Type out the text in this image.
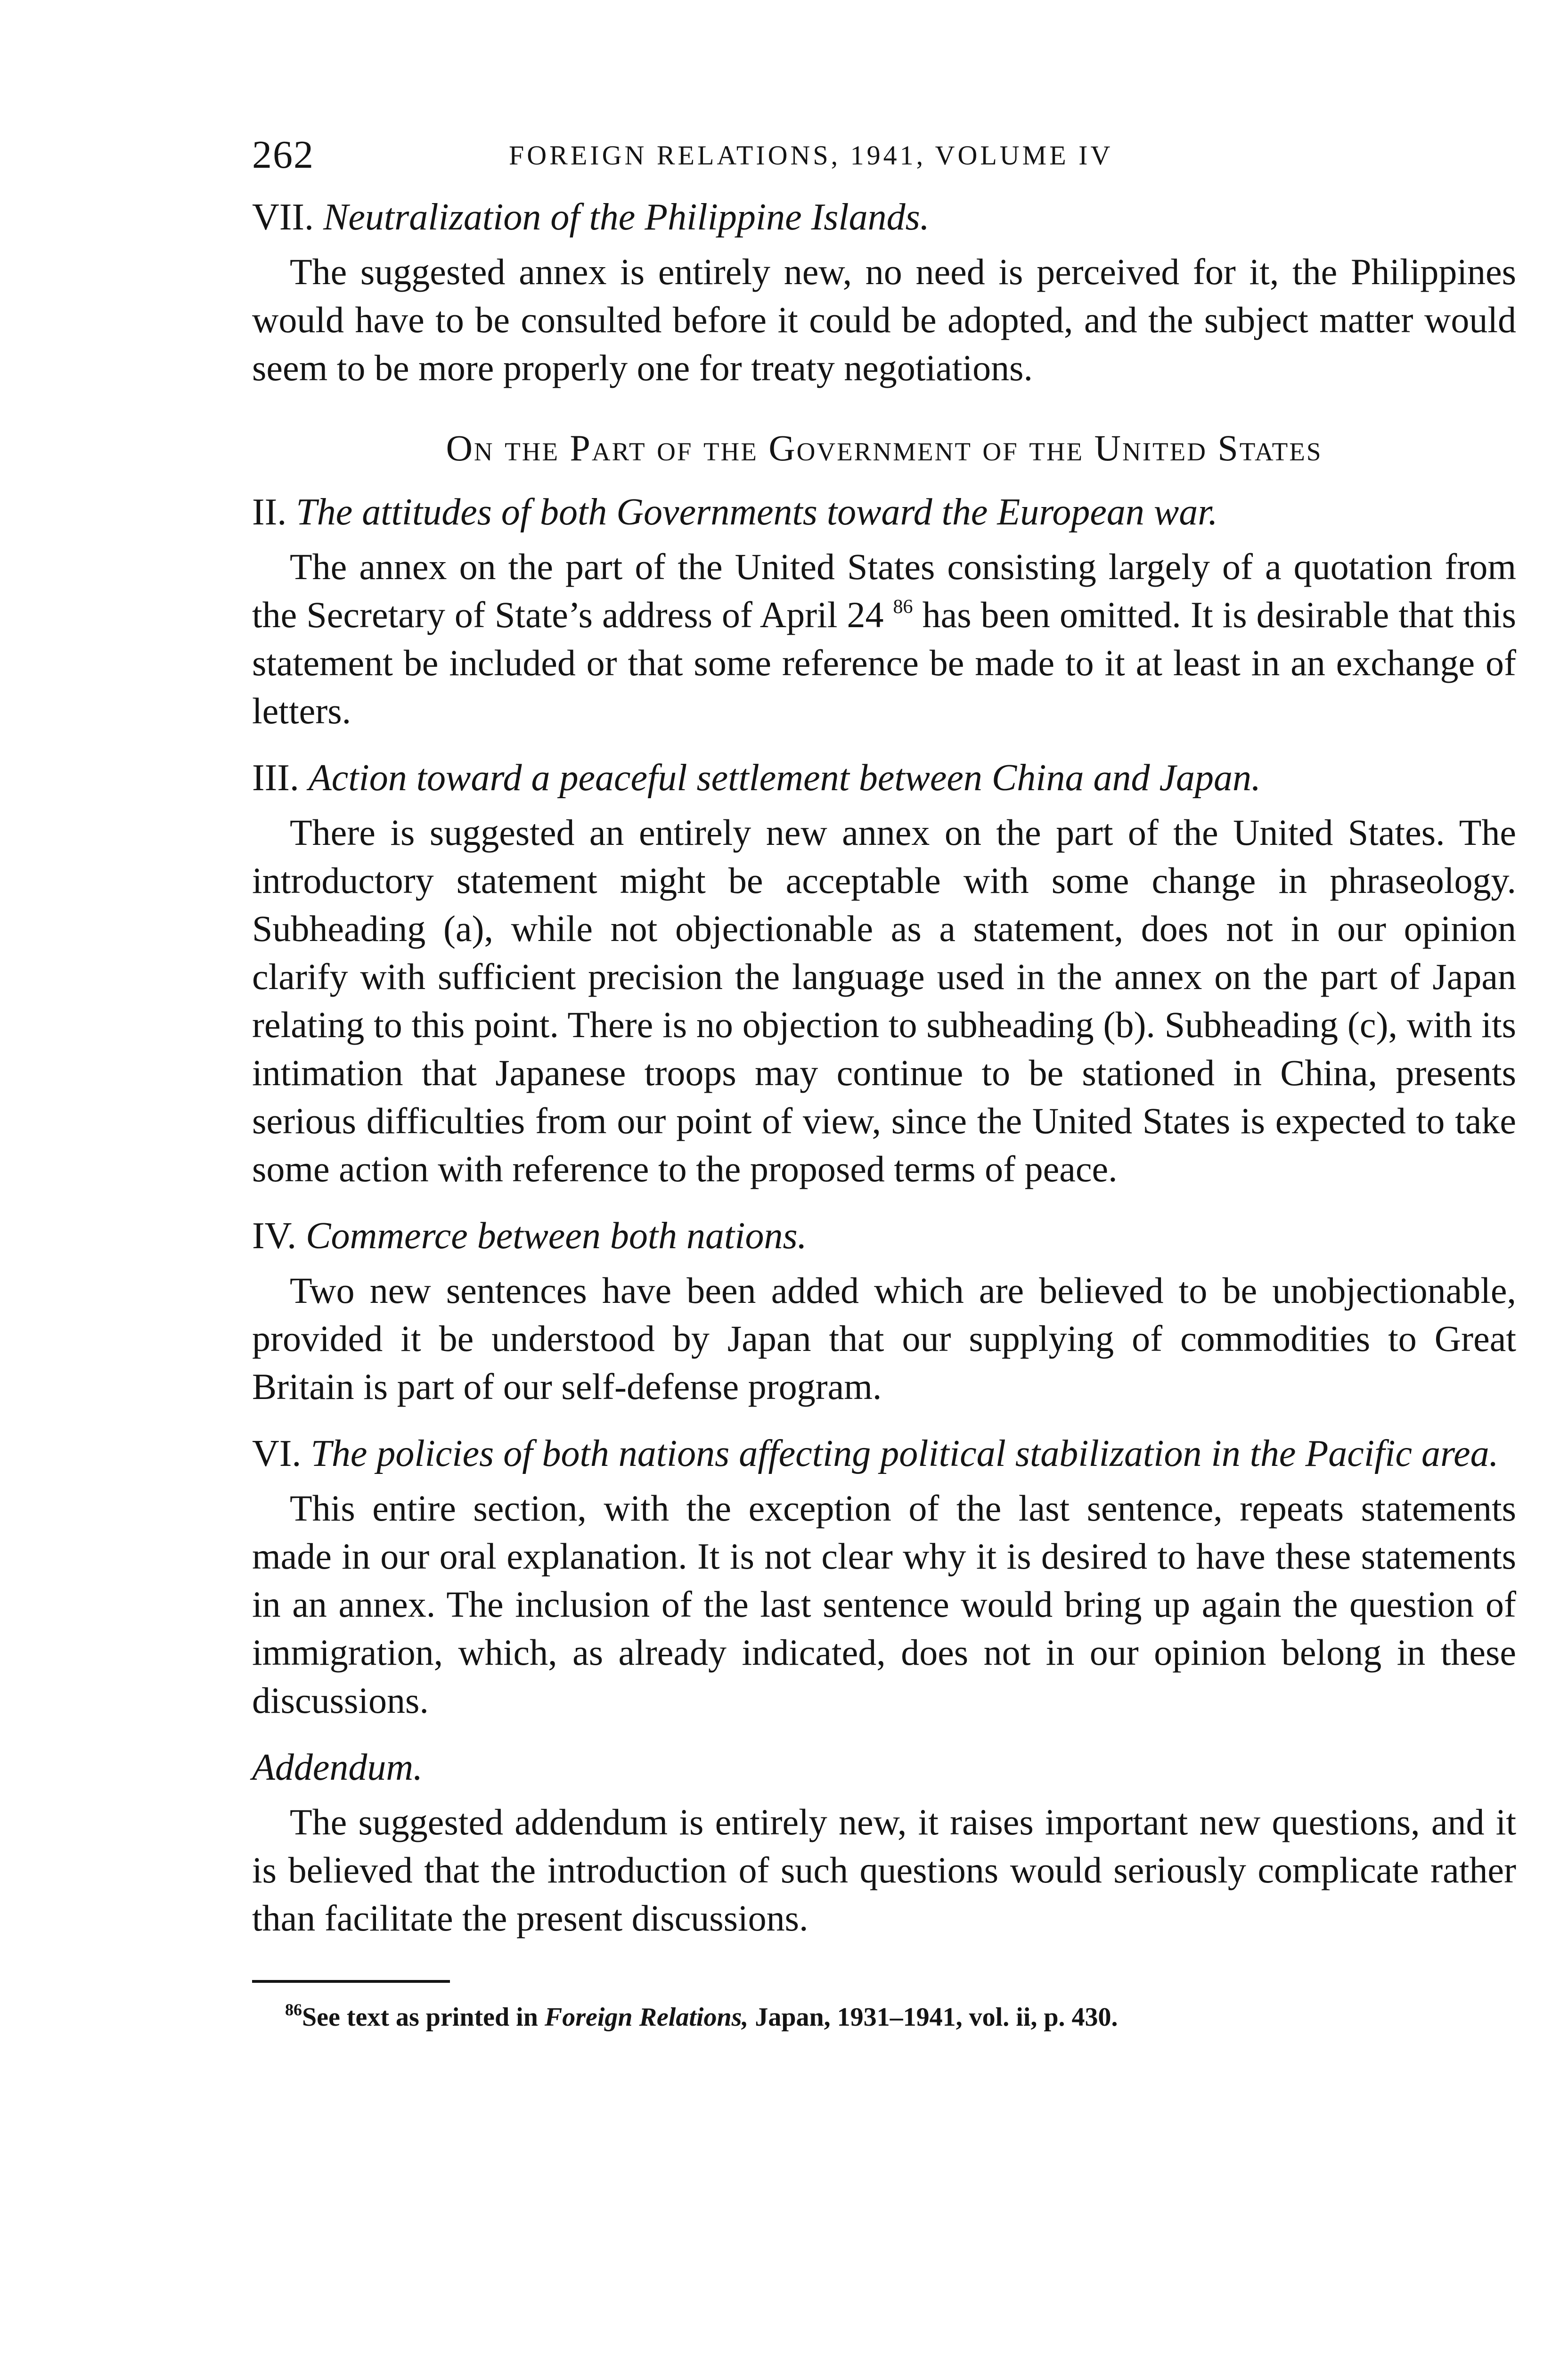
262	FOREIGN RELATIONS, 1941, VOLUME IV
VII. Neutralization of the Philippine Islands.

The suggested annex is entirely new, no need is perceived for it, the Philippines would have to be consulted before it could be adopted, and the subject matter would seem to be more properly one for treaty negotiations.

On the Part of the Government of the United States
II. The attitudes of both Governments toward the European war.

The annex on the part of the United States consisting largely of a quotation from the Secretary of State’s address of April 24 $^{86}$ has been omitted. It is desirable that this statement be included or that some reference be made to it at least in an exchange of letters.

III. Action toward a peaceful settlement between China and Japan.

There is suggested an entirely new annex on the part of the United States. The introductory statement might be acceptable with some change in phraseology. Subheading (a), while not objectionable as a statement, does not in our opinion clarify with sufficient precision the language used in the annex on the part of Japan relating to this point. There is no objection to subheading (b). Subheading (c), with its intimation that Japanese troops may continue to be stationed in China, presents serious difficulties from our point of view, since the United States is expected to take some action with reference to the proposed terms of peace.

IV. Commerce between both nations.

Two new sentences have been added which are believed to be unobjectionable, provided it be understood by Japan that our supplying of commodities to Great Britain is part of our self-defense program.

VI. The policies of both nations affecting political stabilization in the Pacific area.

This entire section, with the exception of the last sentence, repeats statements made in our oral explanation. It is not clear why it is desired to have these statements in an annex. The inclusion of the last sentence would bring up again the question of immigration, which, as already indicated, does not in our opinion belong in these discussions.

Addendum.

The suggested addendum is entirely new, it raises important new questions, and it is believed that the introduction of such questions would seriously complicate rather than facilitate the present discussions.

$^{86}$See text as printed in Foreign Relations, Japan, 1931–1941, vol. ii, p. 430.
